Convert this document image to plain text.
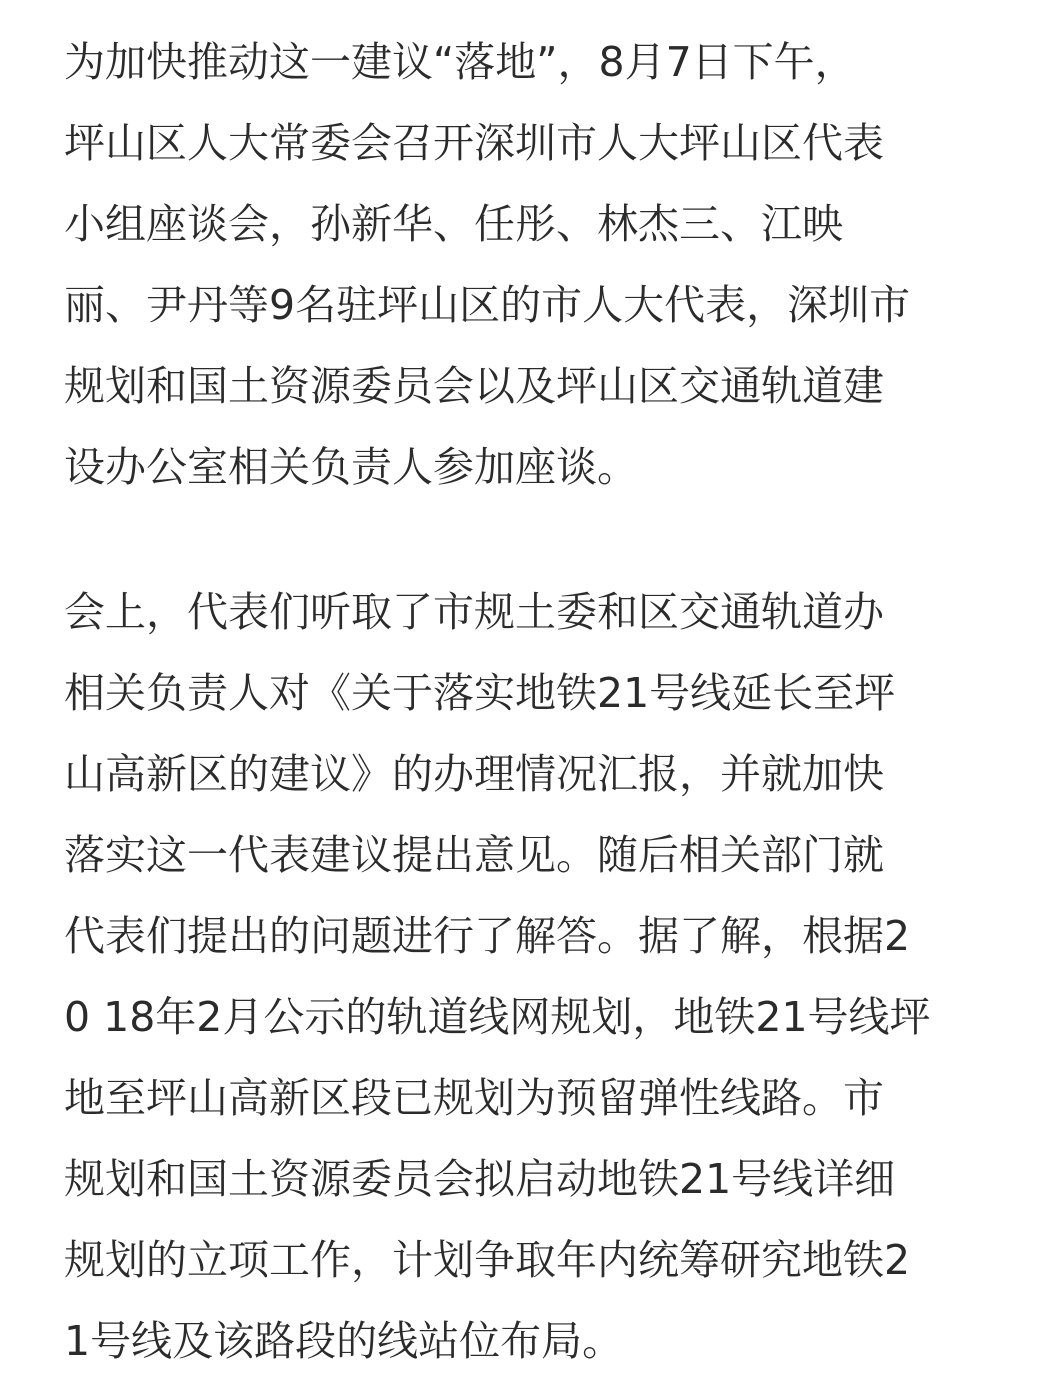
为加快推动这一建议“落地”，8月7日下午，
坪山区人大常委会召开深圳市人大坪山区代表
小组座谈会，孙新华、任彤、林杰三、江映
丽、尹丹等9名驻坪山区的市人大代表，深圳市
规划和国土资源委员会以及坪山区交通轨道建
设办公室相关负责人参加座谈。
会上，代表们听取了市规土委和区交通轨道办
相关负责人对《关于落实地铁21号线延长至坪
山高新区的建议》的办理情况汇报，并就加快
落实这一代表建议提出意见。随后相关部门就
代表们提出的问题进行了解答。据了解，根据2
0 18年2月公示的轨道线网规划，地铁21号线坪
地至坪山高新区段已规划为预留弹性线路。市
规划和国土资源委员会拟启动地铁21号线详细
规划的立项工作，计划争取年内统筹研究地铁2
1号线及该路段的线站位布局。
